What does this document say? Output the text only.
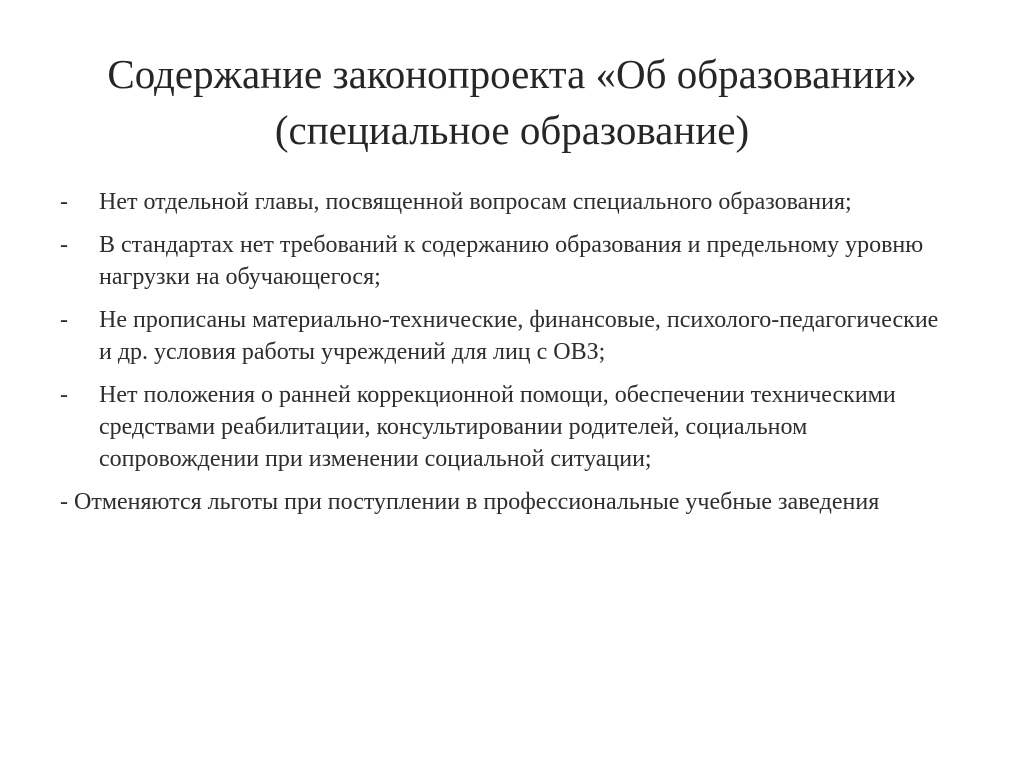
Содержание законопроекта «Об образовании»
(специальное образование)
- Нет отдельной главы, посвященной вопросам специального образования;
- В стандартах нет требований к содержанию образования и предельному уровню нагрузки на обучающегося;
- Не прописаны материально-технические, финансовые, психолого-педагогические и др. условия работы учреждений для лиц с ОВЗ;
- Нет положения о ранней коррекционной помощи, обеспечении техническими средствами реабилитации, консультировании родителей, социальном сопровождении при изменении социальной ситуации;
- Отменяются льготы при поступлении в профессиональные учебные заведения
